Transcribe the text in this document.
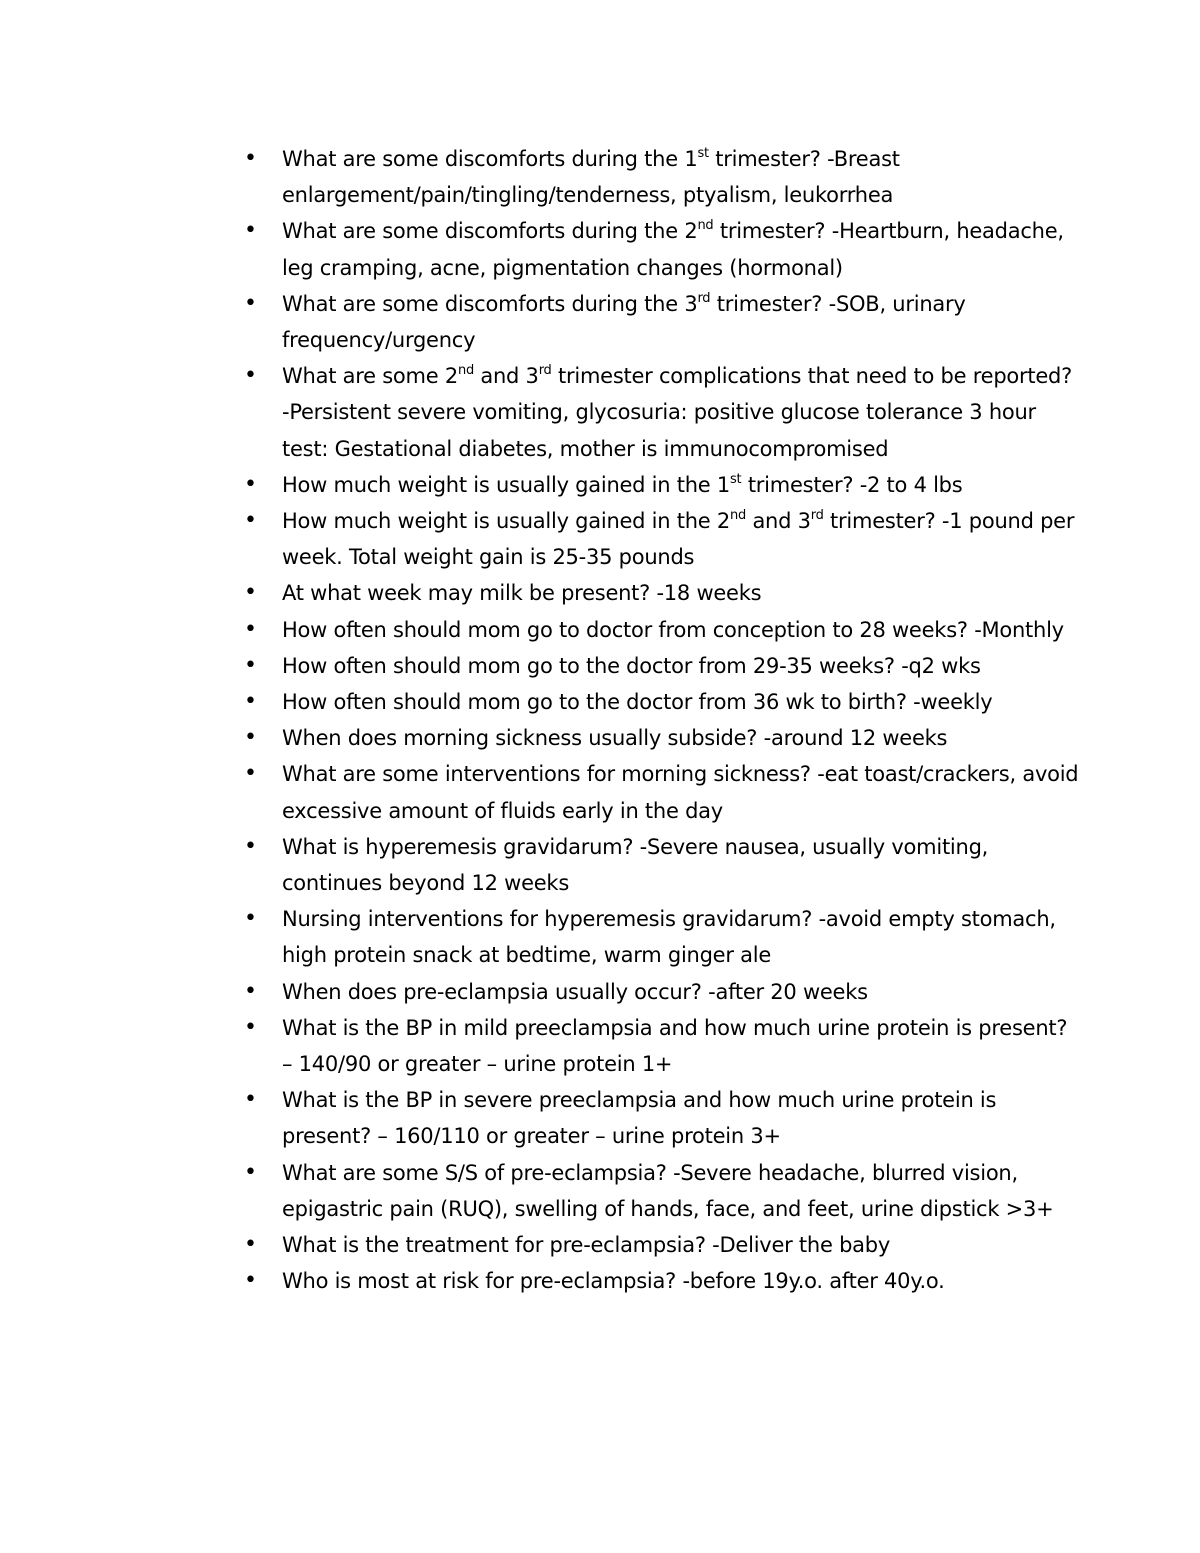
•	What are some discomforts during the 1st trimester? -Breast enlargement/pain/tingling/tenderness, ptyalism, leukorrhea
•	What are some discomforts during the 2nd trimester? -Heartburn, headache, leg cramping, acne, pigmentation changes (hormonal)
•	What are some discomforts during the 3rd trimester? -SOB, urinary frequency/urgency
•	What are some 2nd and 3rd trimester complications that need to be reported? -Persistent severe vomiting, glycosuria: positive glucose tolerance 3 hour test: Gestational diabetes, mother is immunocompromised
•	How much weight is usually gained in the 1st trimester? -2 to 4 lbs
•	How much weight is usually gained in the 2nd and 3rd trimester? -1 pound per week. Total weight gain is 25-35 pounds
•	At what week may milk be present? -18 weeks
•	How often should mom go to doctor from conception to 28 weeks? -Monthly
•	How often should mom go to the doctor from 29-35 weeks? -q2 wks
•	How often should mom go to the doctor from 36 wk to birth? -weekly
•	When does morning sickness usually subside? -around 12 weeks
•	What are some interventions for morning sickness? -eat toast/crackers, avoid excessive amount of fluids early in the day
•	What is hyperemesis gravidarum? -Severe nausea, usually vomiting, continues beyond 12 weeks
•	Nursing interventions for hyperemesis gravidarum? -avoid empty stomach, high protein snack at bedtime, warm ginger ale
•	When does pre-eclampsia usually occur? -after 20 weeks
•	What is the BP in mild preeclampsia and how much urine protein is present? – 140/90 or greater – urine protein 1+
•	What is the BP in severe preeclampsia and how much urine protein is present? – 160/110 or greater – urine protein 3+
•	What are some S/S of pre-eclampsia? -Severe headache, blurred vision, epigastric pain (RUQ), swelling of hands, face, and feet, urine dipstick >3+
•	What is the treatment for pre-eclampsia? -Deliver the baby
•	Who is most at risk for pre-eclampsia? -before 19y.o. after 40y.o.
